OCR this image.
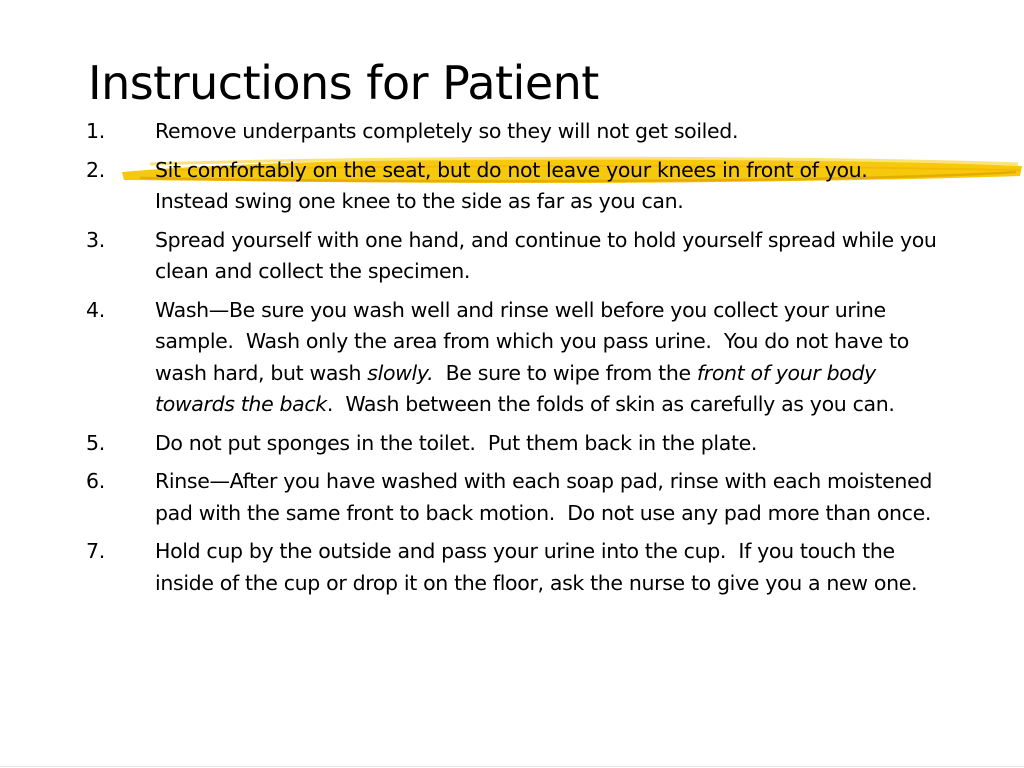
Instructions for Patient
1. Remove underpants completely so they will not get soiled.
2. Sit comfortably on the seat, but do not leave your knees in front of you.  Instead swing one knee to the side as far as you can.
3. Spread yourself with one hand, and continue to hold yourself spread while you clean and collect the specimen.
4. Wash—Be sure you wash well and rinse well before you collect your urine sample.  Wash only the area from which you pass urine.  You do not have to wash hard, but wash slowly.  Be sure to wipe from the front of your body towards the back.  Wash between the folds of skin as carefully as you can.
5. Do not put sponges in the toilet.  Put them back in the plate.
6. Rinse—After you have washed with each soap pad, rinse with each moistened pad with the same front to back motion.  Do not use any pad more than once.
7. Hold cup by the outside and pass your urine into the cup.  If you touch the inside of the cup or drop it on the floor, ask the nurse to give you a new one.
